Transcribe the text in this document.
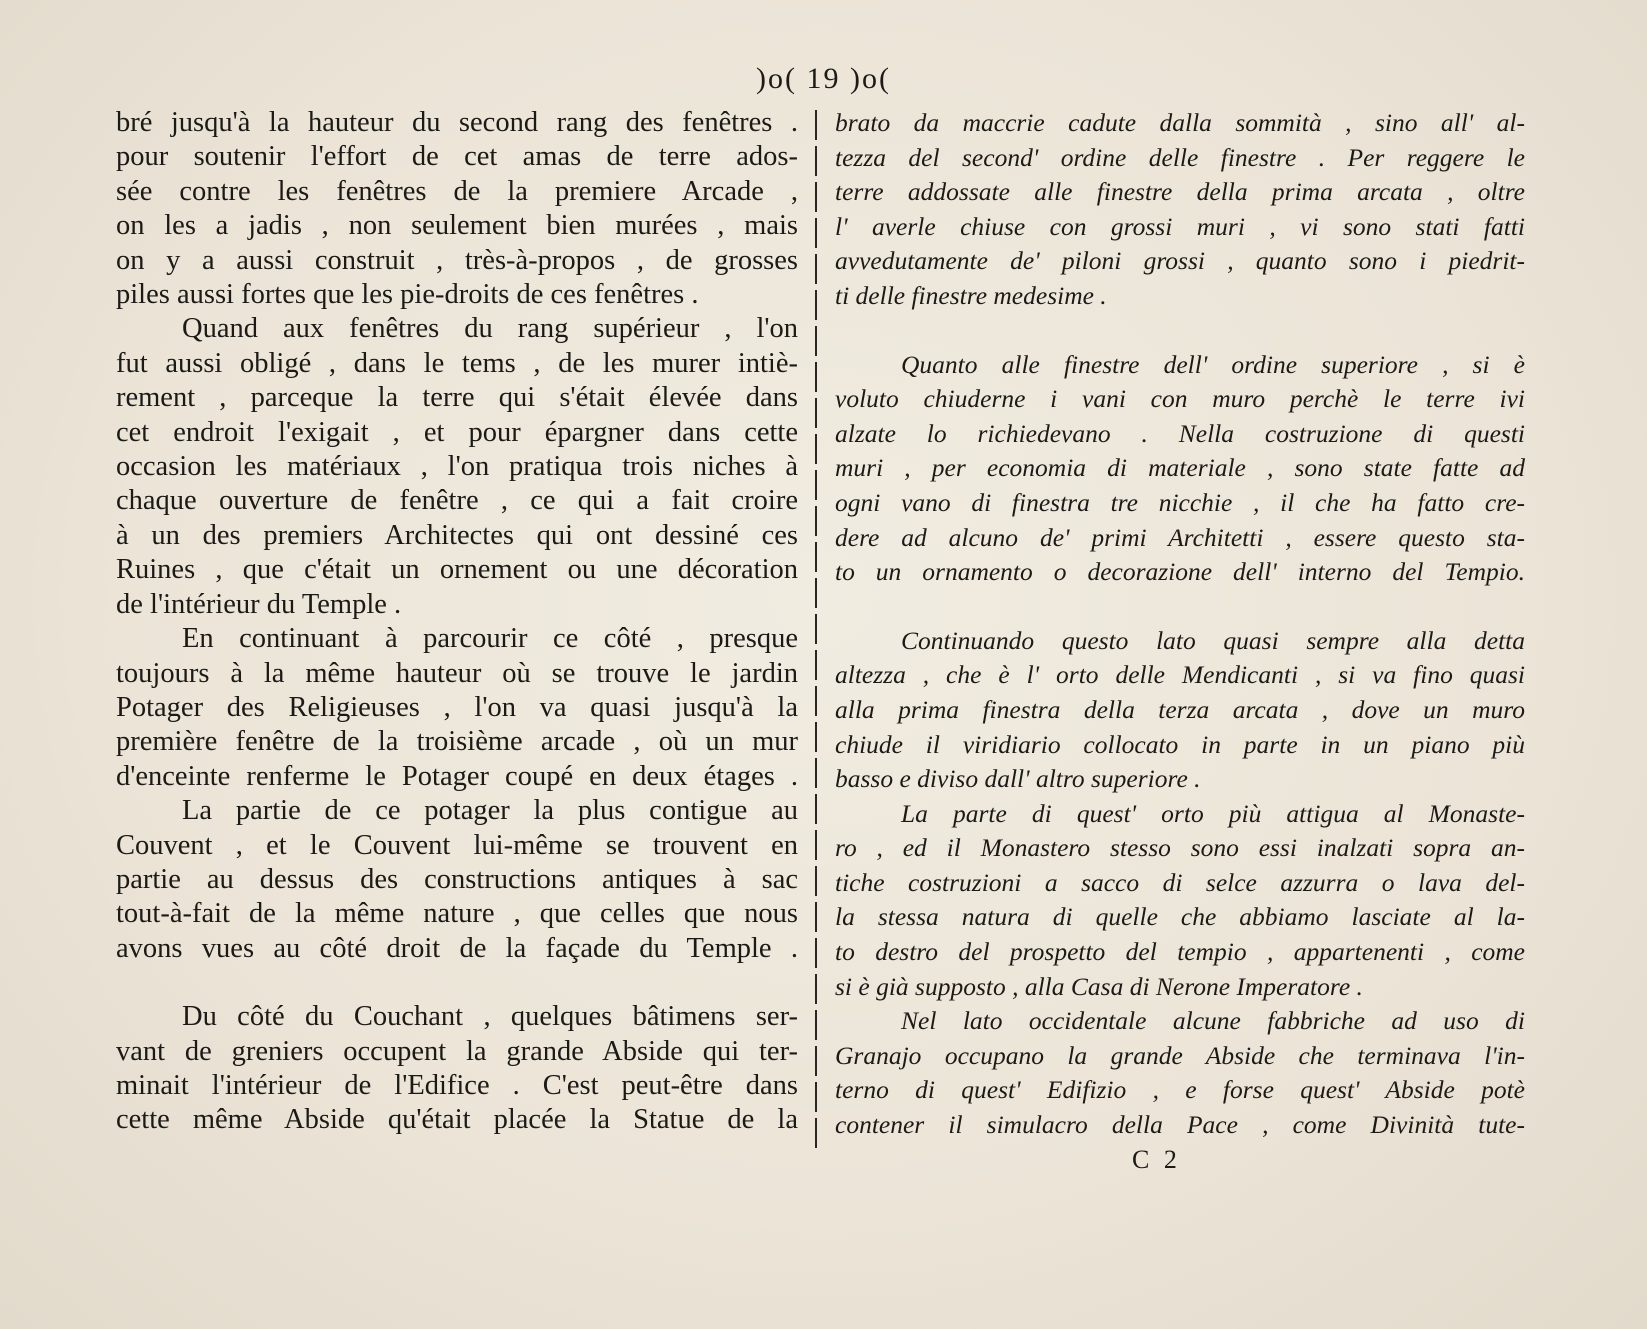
)o( 19 )o(

bré jusqu'à la hauteur du second rang des fenêtres .

pour soutenir l'effort de cet amas de terre ados-

sée contre les fenêtres de la premiere Arcade ,

on les a jadis , non seulement bien murées , mais

on y a aussi construit , très-à-propos , de grosses

piles aussi fortes que les pie-droits de ces fenêtres .

Quand aux fenêtres du rang supérieur , l'on

fut aussi obligé , dans le tems , de les murer intiè-

rement , parceque la terre qui s'était élevée dans

cet endroit l'exigait , et pour épargner dans cette

occasion les matériaux , l'on pratiqua trois niches à

chaque ouverture de fenêtre , ce qui a fait croire

à un des premiers Architectes qui ont dessiné ces

Ruines , que c'était un ornement ou une décoration

de l'intérieur du Temple .

En continuant à parcourir ce côté , presque

toujours à la même hauteur où se trouve le jardin

Potager des Religieuses , l'on va quasi jusqu'à la

première fenêtre de la troisième arcade , où un mur

d'enceinte renferme le Potager coupé en deux étages .

La partie de ce potager la plus contigue au

Couvent , et le Couvent lui-même se trouvent en

partie au dessus des constructions antiques à sac

tout-à-fait de la même nature , que celles que nous

avons vues au côté droit de la façade du Temple .

Du côté du Couchant , quelques bâtimens ser-

vant de greniers occupent la grande Abside qui ter-

minait l'intérieur de l'Edifice . C'est peut-être dans

cette même Abside qu'était placée la Statue de la

brato da maccrie cadute dalla sommità , sino all' al-

tezza del second' ordine delle finestre . Per reggere le

terre addossate alle finestre della prima arcata , oltre

l' averle chiuse con grossi muri , vi sono stati fatti

avvedutamente de' piloni grossi , quanto sono i piedrit-

ti delle finestre medesime .

Quanto alle finestre dell' ordine superiore , si è

voluto chiuderne i vani con muro perchè le terre ivi

alzate lo richiedevano . Nella costruzione di questi

muri , per economia di materiale , sono state fatte ad

ogni vano di finestra tre nicchie , il che ha fatto cre-

dere ad alcuno de' primi Architetti , essere questo sta-

to un ornamento o decorazione dell' interno del Tempio.

Continuando questo lato quasi sempre alla detta

altezza , che è l' orto delle Mendicanti , si va fino quasi

alla prima finestra della terza arcata , dove un muro

chiude il viridiario collocato in parte in un piano più

basso e diviso dall' altro superiore .

La parte di quest' orto più attigua al Monaste-

ro , ed il Monastero stesso sono essi inalzati sopra an-

tiche costruzioni a sacco di selce azzurra o lava del-

la stessa natura di quelle che abbiamo lasciate al la-

to destro del prospetto del tempio , appartenenti , come

si è già supposto , alla Casa di Nerone Imperatore .

Nel lato occidentale alcune fabbriche ad uso di

Granajo occupano la grande Abside che terminava l'in-

terno di quest' Edifizio , e forse quest' Abside potè

contener il simulacro della Pace , come Divinità tute-

C 2
